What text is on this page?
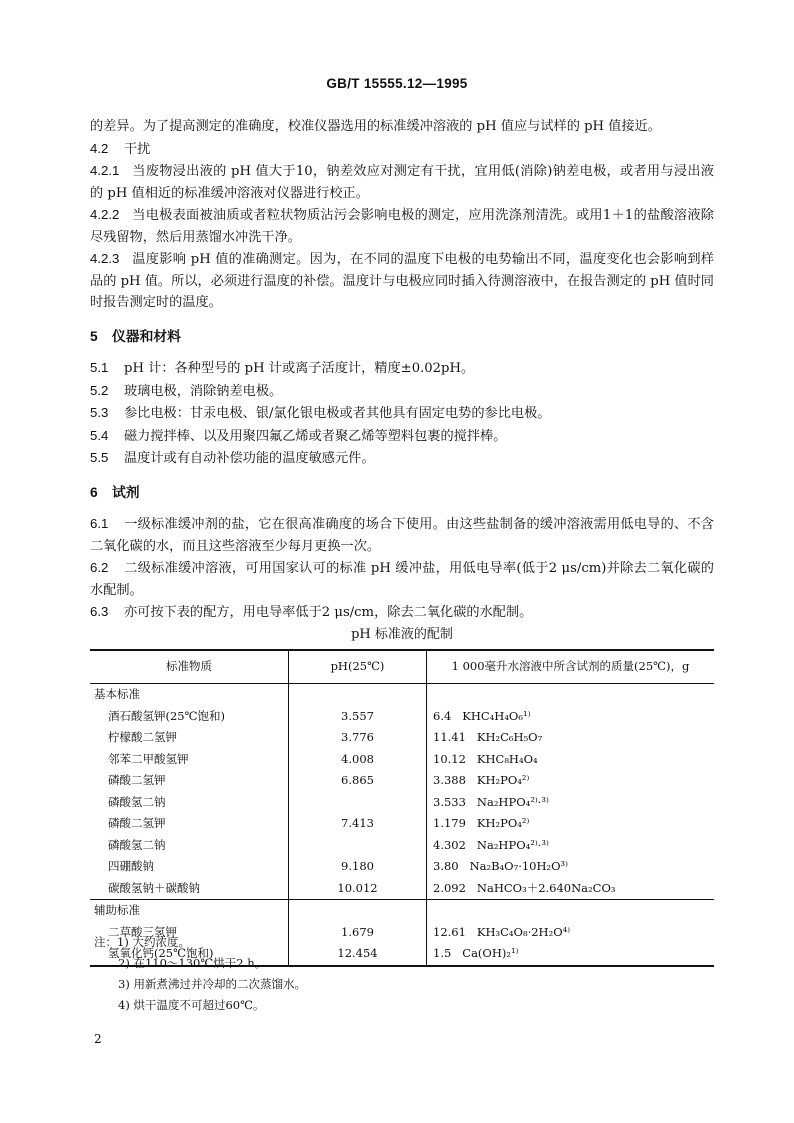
GB/T 15555.12—1995

的差异。为了提高测定的准确度，校准仪器选用的标准缓冲溶液的 pH 值应与试样的 pH 值接近。

4.2 干扰

4.2.1 当废物浸出液的 pH 值大于10，钠差效应对测定有干扰，宜用低(消除)钠差电极，或者用与浸出液的 pH 值相近的标准缓冲溶液对仪器进行校正。

4.2.2 当电极表面被油质或者粒状物质沾污会影响电极的测定，应用洗涤剂清洗。或用1＋1的盐酸溶液除尽残留物，然后用蒸馏水冲洗干净。

4.2.3 温度影响 pH 值的准确测定。因为，在不同的温度下电极的电势输出不同，温度变化也会影响到样品的 pH 值。所以，必须进行温度的补偿。温度计与电极应同时插入待测溶液中，在报告测定的 pH 值时同时报告测定时的温度。

5 仪器和材料

5.1 pH 计：各种型号的 pH 计或离子活度计，精度±0.02pH。

5.2 玻璃电极，消除钠差电极。

5.3 参比电极：甘汞电极、银/氯化银电极或者其他具有固定电势的参比电极。

5.4 磁力搅拌棒、以及用聚四氟乙烯或者聚乙烯等塑料包裹的搅拌棒。

5.5 温度计或有自动补偿功能的温度敏感元件。

6 试剂

6.1 一级标准缓冲剂的盐，它在很高准确度的场合下使用。由这些盐制备的缓冲溶液需用低电导的、不含二氧化碳的水，而且这些溶液至少每月更换一次。

6.2 二级标准缓冲溶液，可用国家认可的标准 pH 缓冲盐，用低电导率(低于2 μs/cm)并除去二氧化碳的水配制。

6.3 亦可按下表的配方，用电导率低于2 μs/cm，除去二氧化碳的水配制。

pH 标准液的配制

标准物质	pH(25℃)	1 000毫升水溶液中所含试剂的质量(25℃)，g
基本标准		
酒石酸氢钾(25℃饱和)	3.557	6.4 KHC₄H₄O₆¹⁾
柠檬酸二氢钾	3.776	11.41 KH₂C₆H₅O₇
邻苯二甲酸氢钾	4.008	10.12 KHC₈H₄O₄
磷酸二氢钾	6.865	3.388 KH₂PO₄²⁾
磷酸氢二钠		3.533 Na₂HPO₄²⁾·³⁾
磷酸二氢钾	7.413	1.179 KH₂PO₄²⁾
磷酸氢二钠		4.302 Na₂HPO₄²⁾·³⁾
四硼酸钠	9.180	3.80 Na₂B₄O₇·10H₂O³⁾
碳酸氢钠＋碳酸钠	10.012	2.092 NaHCO₃＋2.640Na₂CO₃
辅助标准		
二草酸三氢钾	1.679	12.61 KH₃C₄O₈·2H₂O⁴⁾
氢氧化钙(25℃饱和)	12.454	1.5 Ca(OH)₂¹⁾
注：1) 大约浓度。
2) 在110～130℃烘干2 h。
3) 用新煮沸过并冷却的二次蒸馏水。
4) 烘干温度不可超过60℃。
2
